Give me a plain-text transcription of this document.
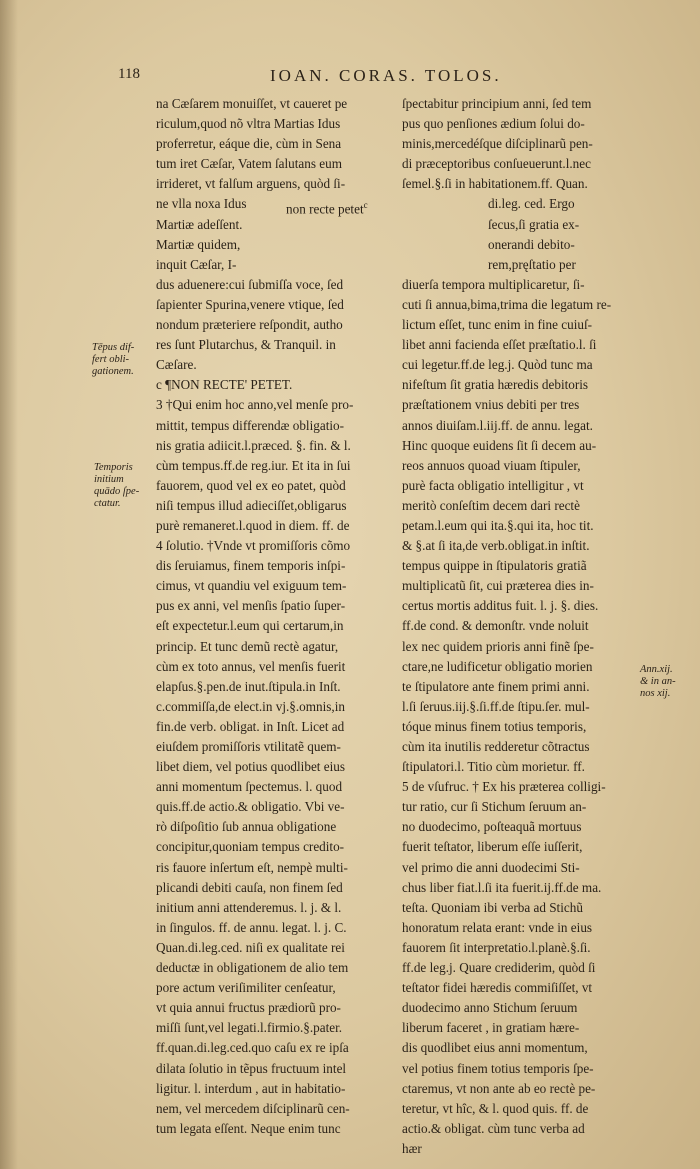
118	IOAN. CORAS. TOLOS.
non recte petet$^c$
na Cæſarem monuiſſet, vt caueret pe
riculum,quod nõ vltra Martias Idus
proferretur, eáque die, cùm in Sena
tum iret Cæſar, Vatem ſalutans eum
irrideret, vt falſum arguens, quòd ſi-
ne vlla noxa Idus
Martiæ adeſſent.
Martiæ quidem,
inquit Cæſar, I-
dus aduenere:cui ſubmiſſa voce, ſed
ſapienter Spurina,venere vtique, ſed
nondum præteriere reſpondit, autho
res ſunt Plutarchus, & Tranquil. in
Cæſare.
c ¶NON RECTE' PETET.
3 †Qui enim hoc anno,vel menſe pro-
mittit, tempus differendæ obligatio-
nis gratia adiicit.l.præced. §. fin. & l.
cùm tempus.ff.de reg.iur. Et ita in ſui
fauorem, quod vel ex eo patet, quòd
niſi tempus illud adieciſſet,obligarus
purè remaneret.l.quod in diem. ff. de
4 ſolutio. †Vnde vt promiſſoris cõmo
dis ſeruiamus, finem temporis inſpi-
cimus, vt quandiu vel exiguum tem-
pus ex anni, vel menſis ſpatio ſuper-
eſt expectetur.l.eum qui certarum,in
princip. Et tunc demũ rectè agatur,
cùm ex toto annus, vel menſis fuerit
elapſus.§.pen.de inut.ſtipula.in Inſt.
c.commiſſa,de elect.in vj.§.omnis,in
fin.de verb. obligat. in Inſt. Licet ad
eiuſdem promiſſoris vtilitatẽ quem-
libet diem, vel potius quodlibet eius
anni momentum ſpectemus. l. quod
quis.ff.de actio.& obligatio. Vbi ve-
rò diſpoſitio ſub annua obligatione
concipitur,quoniam tempus credito-
ris fauore inſertum eſt, nempè multi-
plicandi debiti cauſa, non finem ſed
initium anni attenderemus. l. j. & l.
in ſingulos. ff. de annu. legat. l. j. C.
Quan.di.leg.ced. niſi ex qualitate rei
deductæ in obligationem de alio tem
pore actum veriſimiliter cenſeatur,
vt quia annui fructus prædiorũ pro-
miſſi ſunt,vel legati.l.firmio.§.pater.
ff.quan.di.leg.ced.quo caſu ex re ipſa
dilata ſolutio in tẽpus fructuum intel
ligitur. l. interdum , aut in habitatio-
nem, vel mercedem diſciplinarũ cen-
tum legata eſſent. Neque enim tunc
ſpectabitur principium anni, ſed tem
pus quo penſiones ædium ſolui do-
minis,mercedéſque diſciplinarũ pen-
di præceptoribus conſueuerunt.l.nec
ſemel.§.ſi in habitationem.ff. Quan.
di.leg. ced. Ergo
ſecus,ſi gratia ex-
onerandi debito-
rem,pręſtatio per
diuerſa tempora multiplicaretur, ſi-
cuti ſi annua,bima,trima die legatum re-
lictum eſſet, tunc enim in fine cuiuſ-
libet anni facienda eſſet præſtatio.l. ſi
cui legetur.ff.de leg.j. Quòd tunc ma
nifeſtum ſit gratia hæredis debitoris
præſtationem vnius debiti per tres
annos diuiſam.l.iij.ff. de annu. legat.
Hinc quoque euidens ſit ſi decem au-
reos annuos quoad viuam ſtipuler,
purè facta obligatio intelligitur , vt
meritò conſeſtim decem dari rectè
petam.l.eum qui ita.§.qui ita, hoc tit.
& §.at ſi ita,de verb.obligat.in inſtit.
tempus quippe in ſtipulatoris gratiã
multiplicatũ ſit, cui præterea dies in-
certus mortis additus fuit. l. j. §. dies.
ff.de cond. & demonſtr. vnde noluit
lex nec quidem prioris anni finẽ ſpe-
ctare,ne ludificetur obligatio morien
te ſtipulatore ante finem primi anni.
l.ſi ſeruus.iij.§.ſi.ff.de ſtipu.ſer. mul-
tóque minus finem totius temporis,
cùm ita inutilis redderetur cõtractus
ſtipulatori.l. Titio cùm morietur. ff.
5 de vſufruc. † Ex his præterea colligi-
tur ratio, cur ſi Stichum ſeruum an-
no duodecimo, poſteaquã mortuus
fuerit teſtator, liberum eſſe iuſſerit,
vel primo die anni duodecimi Sti-
chus liber fiat.l.ſi ita fuerit.ij.ff.de ma.
teſta. Quoniam ibi verba ad Stichũ
honoratum relata erant: vnde in eius
fauorem ſit interpretatio.l.planè.§.ſi.
ff.de leg.j. Quare crediderim, quòd ſi
teſtator fidei hæredis commiſiſſet, vt
duodecimo anno Stichum ſeruum
liberum faceret , in gratiam hære-
dis quodlibet eius anni momentum,
vel potius finem totius temporis ſpe-
ctaremus, vt non ante ab eo rectè pe-
teretur, vt hîc, & l. quod quis. ff. de
actio.& obligat. cùm tunc verba ad
hær
Tēpus dif-
fert obli-
gationem.
Temporis
initium
quādo ſpe-
ctatur.
Ann.xij.
& in an-
nos xij.
